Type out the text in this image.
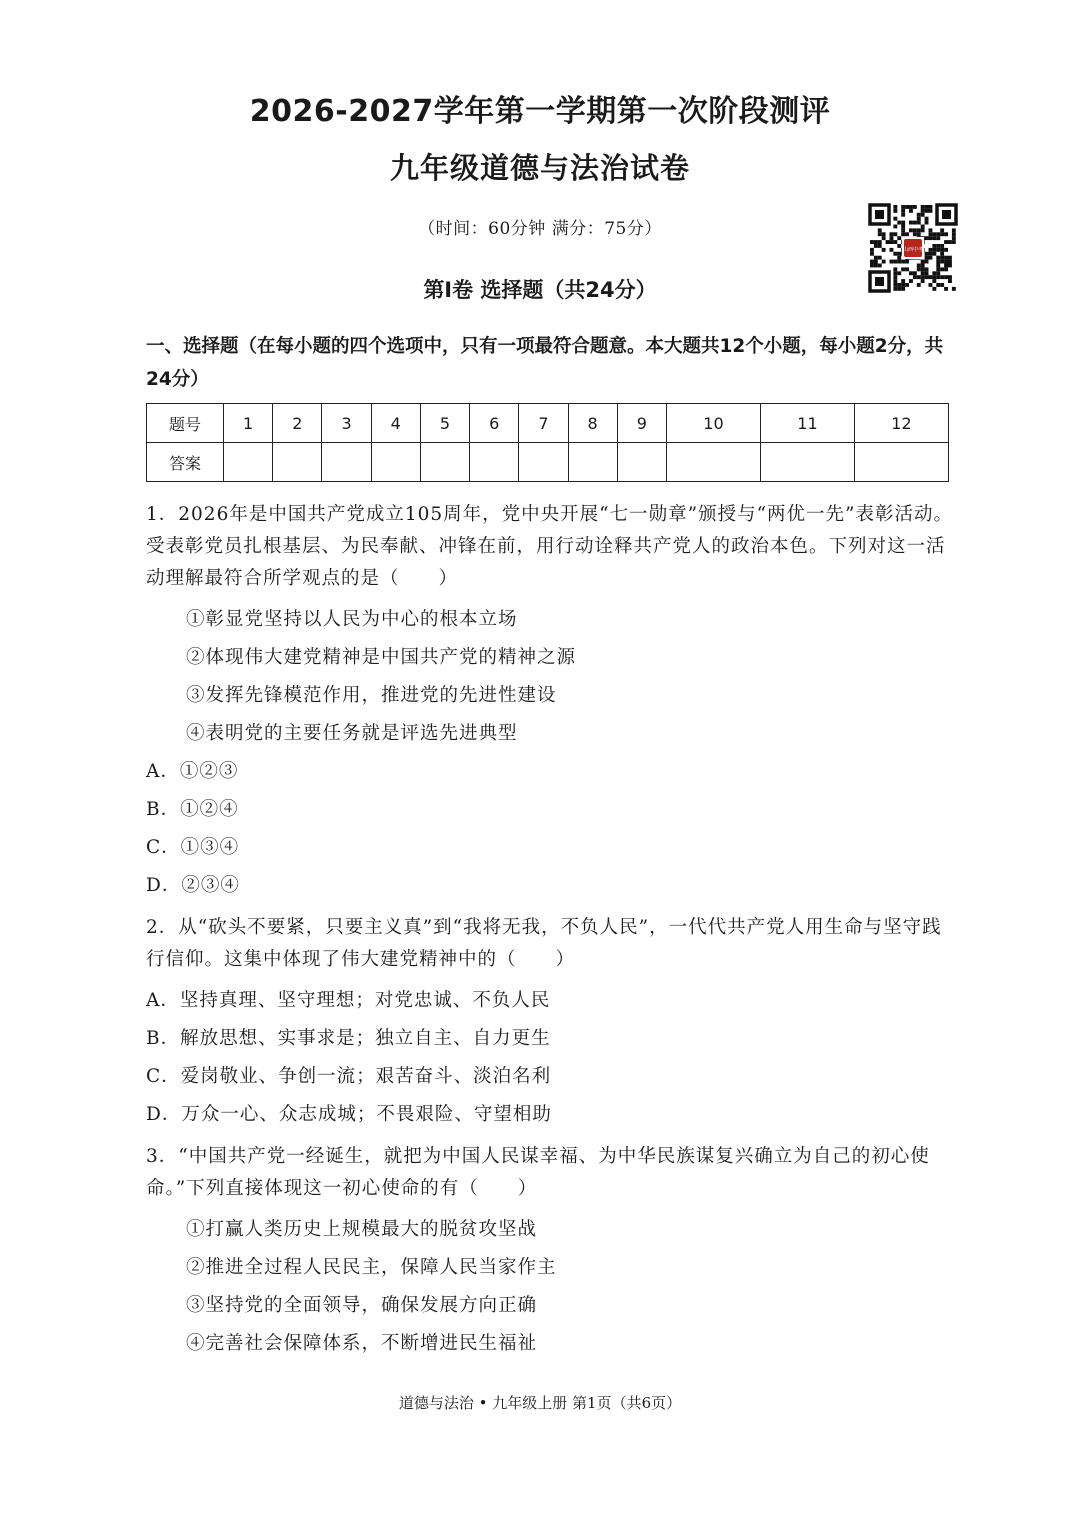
2026-2027学年第一学期第一次阶段测评
九年级道德与法治试卷
（时间：60分钟 满分：75分）
山西中考
第Ⅰ卷 选择题（共24分）
一、选择题（在每小题的四个选项中，只有一项最符合题意。本大题共12个小题，每小题2分，共24分）
题号	1	2	3	4	5	6	7	8	9	10	11	12
答案												

1．2026年是中国共产党成立105周年，党中央开展“七一勋章”颁授与“两优一先”表彰活动。受表彰党员扎根基层、为民奉献、冲锋在前，用行动诠释共产党人的政治本色。下列对这一活动理解最符合所学观点的是（　　）

①彰显党坚持以人民为中心的根本立场
②体现伟大建党精神是中国共产党的精神之源
③发挥先锋模范作用，推进党的先进性建设
④表明党的主要任务就是评选先进典型
A．①②③
B．①②④
C．①③④
D．②③④

2．从“砍头不要紧，只要主义真”到“我将无我，不负人民”，一代代共产党人用生命与坚守践行信仰。这集中体现了伟大建党精神中的（　　）

A．坚持真理、坚守理想；对党忠诚、不负人民
B．解放思想、实事求是；独立自主、自力更生
C．爱岗敬业、争创一流；艰苦奋斗、淡泊名利
D．万众一心、众志成城；不畏艰险、守望相助

3．“中国共产党一经诞生，就把为中国人民谋幸福、为中华民族谋复兴确立为自己的初心使命。”下列直接体现这一初心使命的有（　　）

①打赢人类历史上规模最大的脱贫攻坚战
②推进全过程人民民主，保障人民当家作主
③坚持党的全面领导，确保发展方向正确
④完善社会保障体系，不断增进民生福祉
道德与法治 • 九年级上册 第1页（共6页）
